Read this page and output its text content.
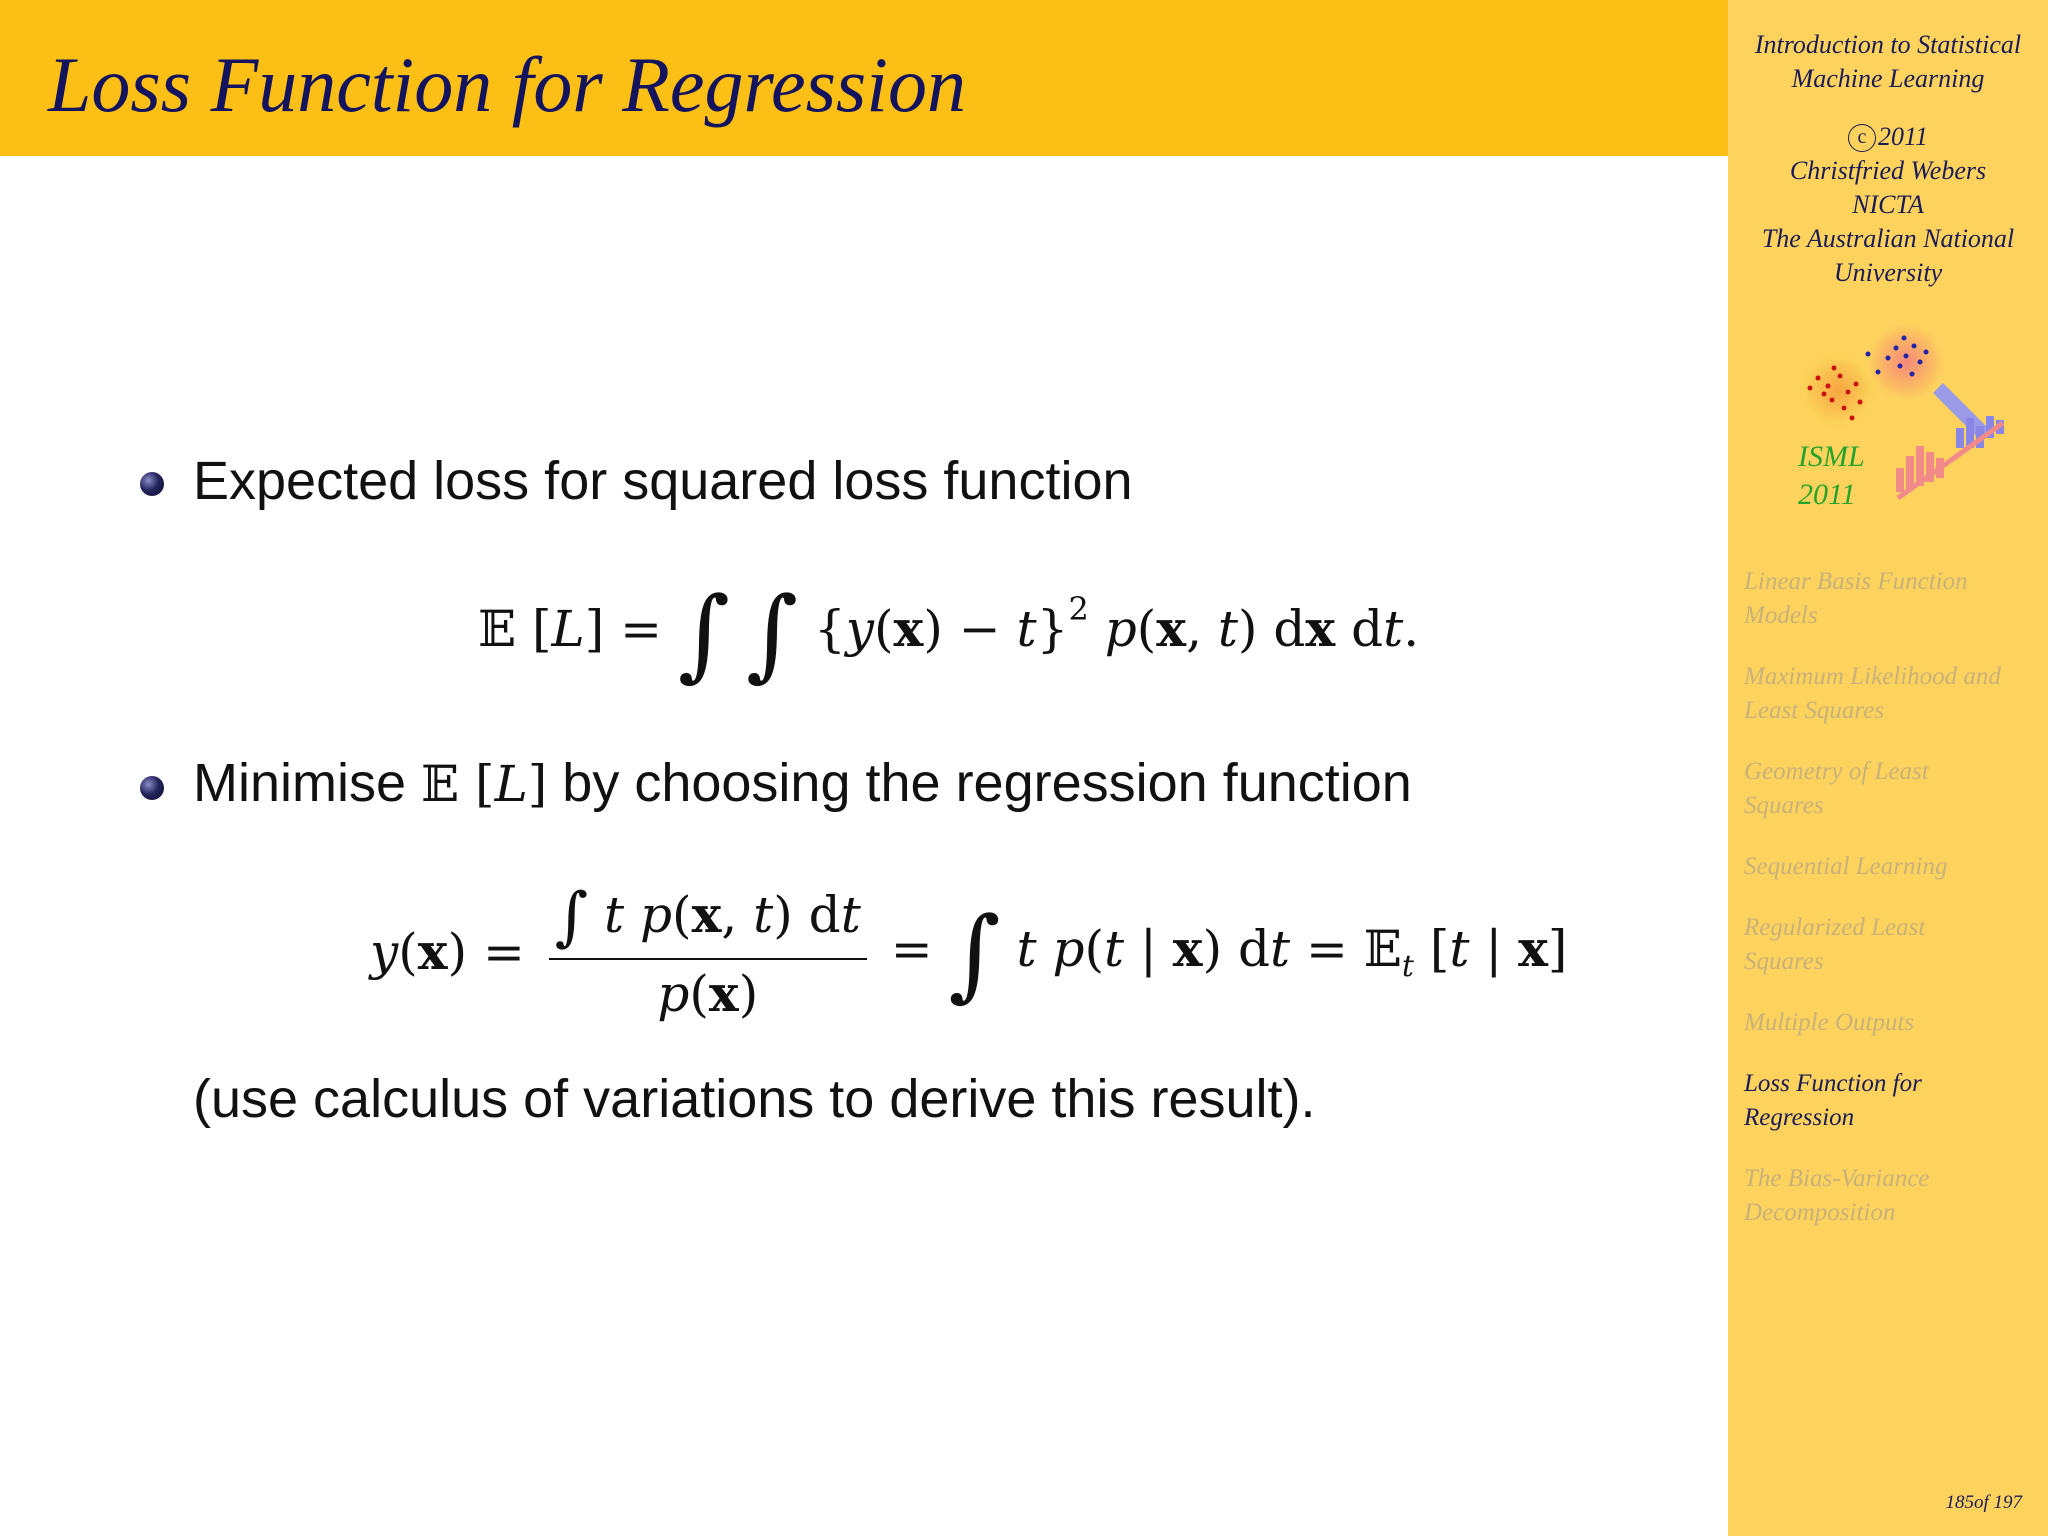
Loss Function for Regression	Introduction to Statistical
Machine Learning
c 2011
Christfried Webers
NICTA
The Australian National University
ISML
2011
Linear Basis Function
Models
Maximum Likelihood and
Least Squares
Geometry of Least
Squares
Sequential Learning
Regularized Least
Squares
Multiple Outputs
Loss Function for
Regression
The Bias-Variance
Decomposition
185of 197

Expected loss for squared loss function

𝔼 [L] = ∫ ∫ $\{y(x) - t\}^2$ p(x, t) dx dt.

Minimise 𝔼 [L] by choosing the regression function

$y(x) = \frac{\text{∫ t p(x, t) dt}}{p(x)}$ = ∫ t p(t | x) dt = 𝔼$_t$ [t | x]

(use calculus of variations to derive this result).
